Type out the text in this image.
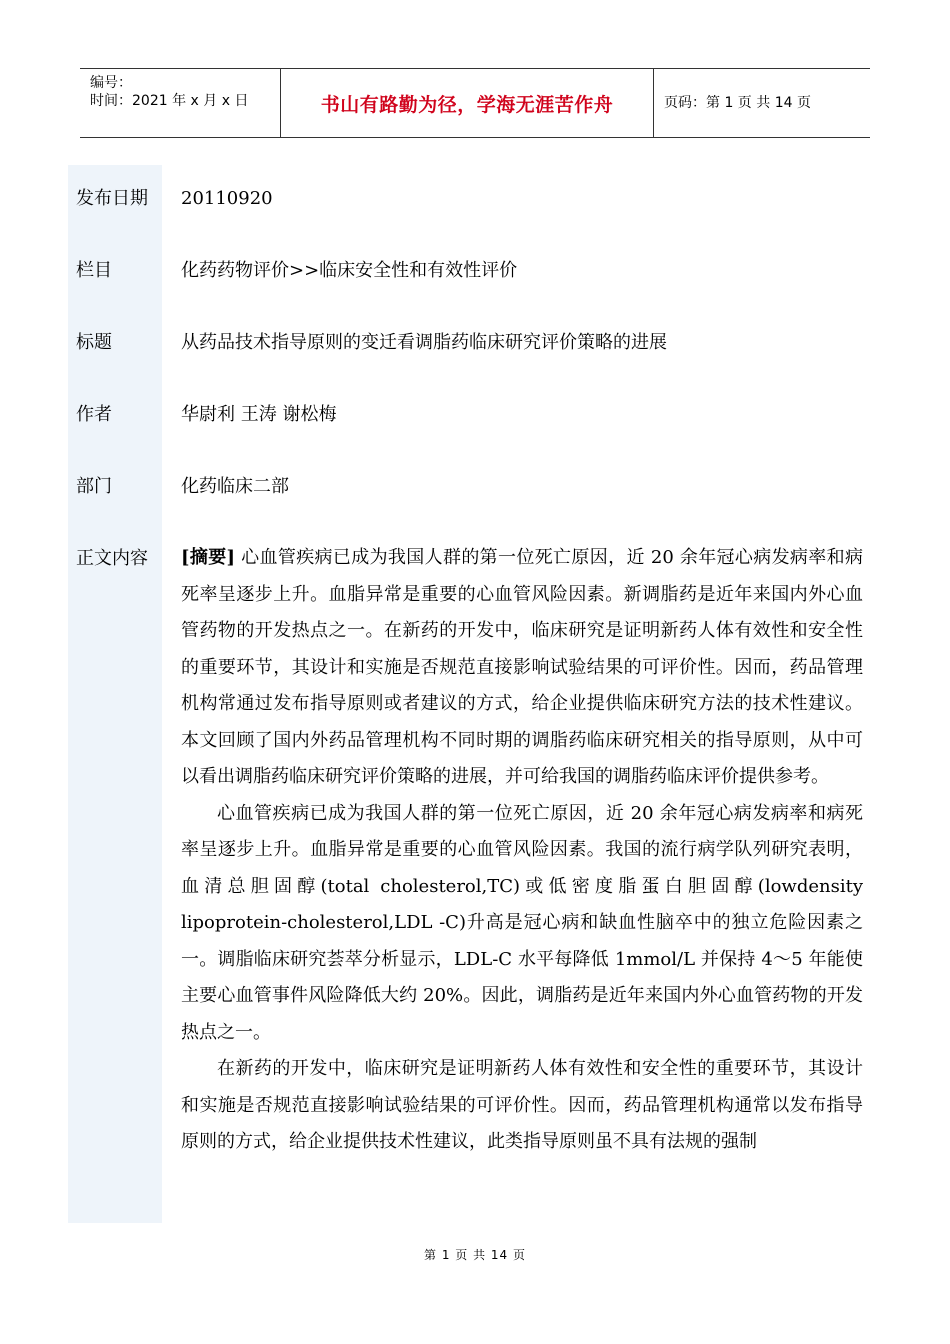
编号：
时间：2021 年 x 月 x 日	书山有路勤为径，学海无涯苦作舟	页码：第 1 页 共 14 页
发布日期 20110920
栏目	化药药物评价>>临床安全性和有效性评价
标题	从药品技术指导原则的变迁看调脂药临床研究评价策略的进展
作者	华尉利 王涛 谢松梅
部门	化药临床二部
正文内容 [摘要] 心血管疾病已成为我国人群的第一位死亡原因，近 20 余年冠心病发病率和病死率呈逐步上升。血脂异常是重要的心血管风险因素。新调脂药是近年来国内外心血管药物的开发热点之一。在新药的开发中，临床研究是证明新药人体有效性和安全性的重要环节，其设计和实施是否规范直接影响试验结果的可评价性。因而，药品管理机构常通过发布指导原则或者建议的方式，给企业提供临床研究方法的技术性建议。本文回顾了国内外药品管理机构不同时期的调脂药临床研究相关的指导原则，从中可以看出调脂药临床研究评价策略的进展，并可给我国的调脂药临床评价提供参考。

心血管疾病已成为我国人群的第一位死亡原因，近 20 余年冠心病发病率和病死率呈逐步上升。血脂异常是重要的心血管风险因素。我国的流行病学队列研究表明，血清总胆固醇(total cholesterol,TC)或低密度脂蛋白胆固醇(lowdensity lipoprotein-cholesterol,LDL -C)升高是冠心病和缺血性脑卒中的独立危险因素之一。调脂临床研究荟萃分析显示，LDL-C 水平每降低 1mmol/L 并保持 4～5 年能使主要心血管事件风险降低大约 20%。因此，调脂药是近年来国内外心血管药物的开发热点之一。

在新药的开发中，临床研究是证明新药人体有效性和安全性的重要环节，其设计和实施是否规范直接影响试验结果的可评价性。因而，药品管理机构通常以发布指导原则的方式，给企业提供技术性建议，此类指导原则虽不具有法规的强制

第 1 页 共 14 页
